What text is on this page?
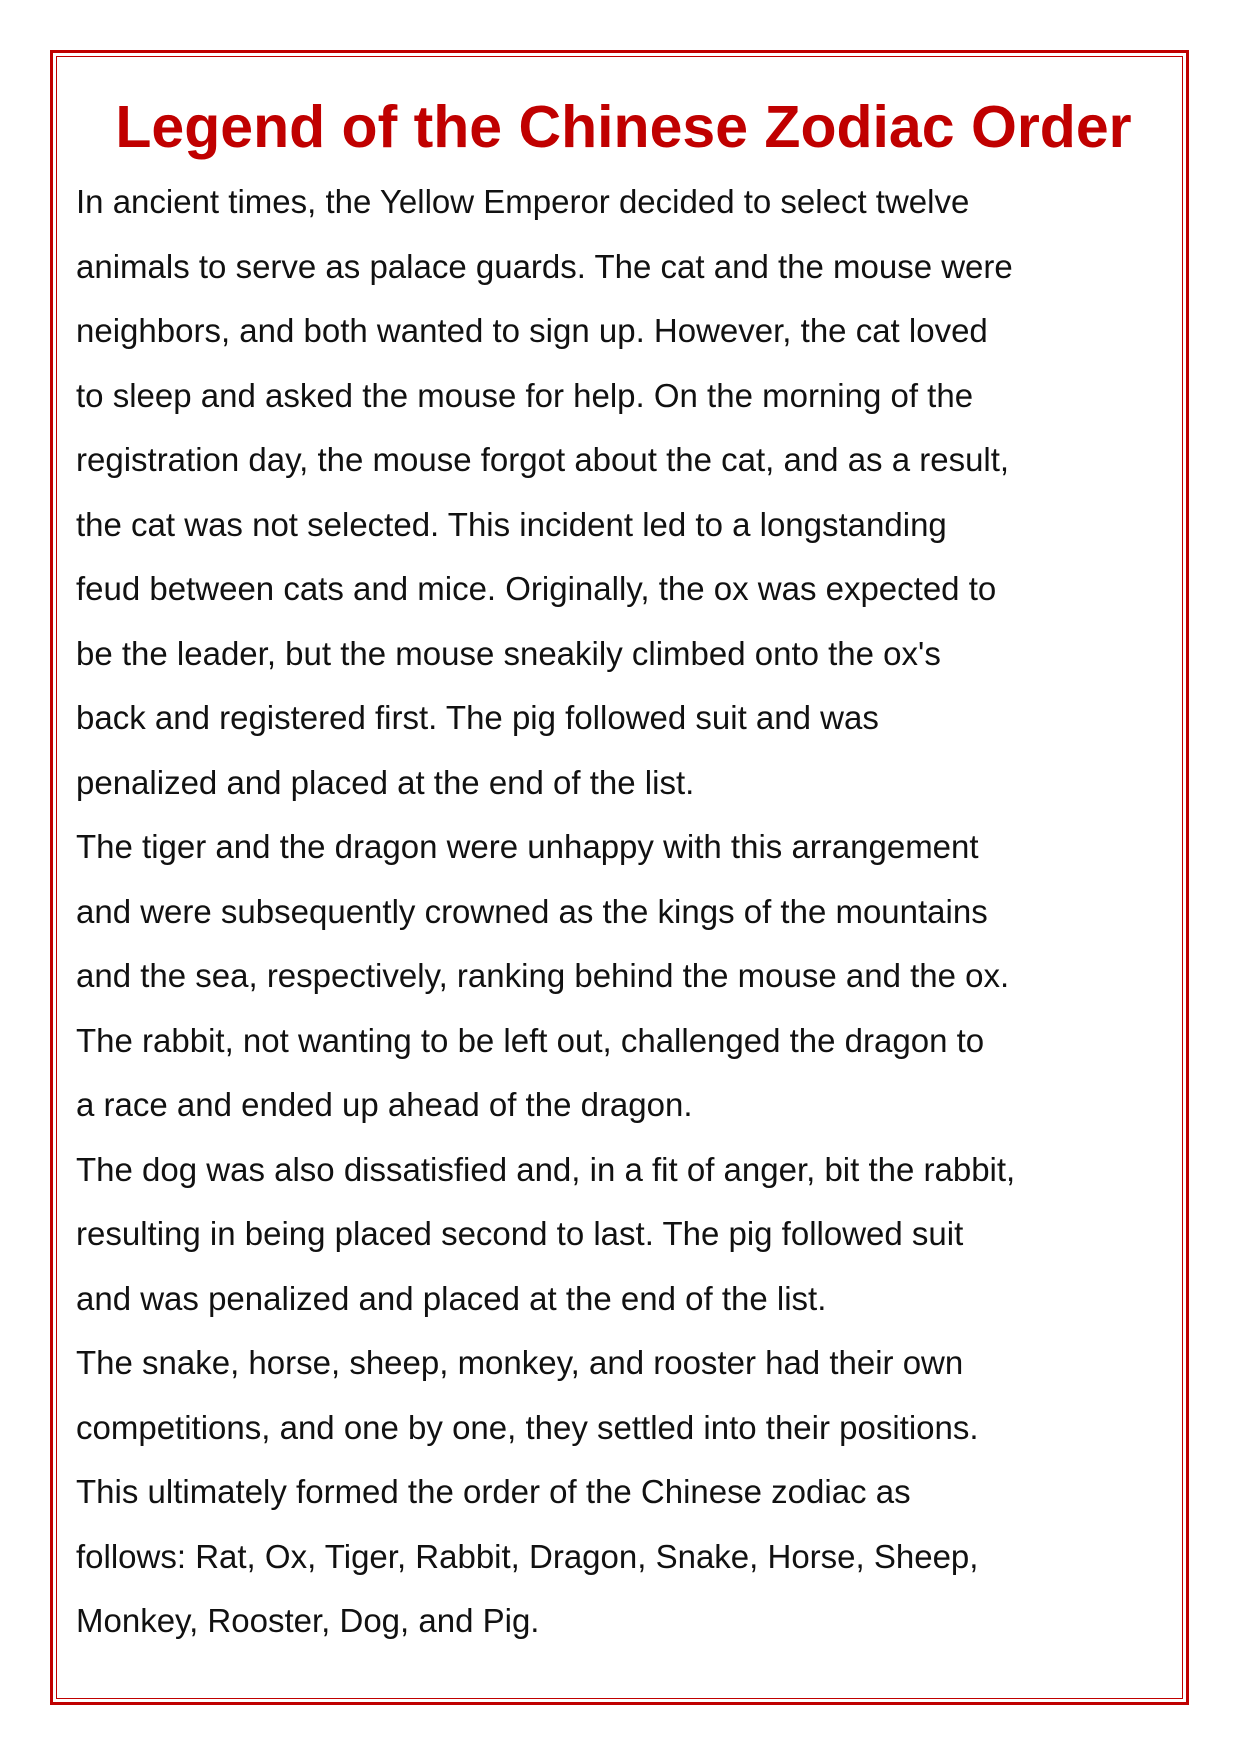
Legend of the Chinese Zodiac Order
In ancient times, the Yellow Emperor decided to select twelve
animals to serve as palace guards. The cat and the mouse were
neighbors, and both wanted to sign up. However, the cat loved
to sleep and asked the mouse for help. On the morning of the
registration day, the mouse forgot about the cat, and as a result,
the cat was not selected. This incident led to a longstanding
feud between cats and mice. Originally, the ox was expected to
be the leader, but the mouse sneakily climbed onto the ox's
back and registered first. The pig followed suit and was
penalized and placed at the end of the list.
The tiger and the dragon were unhappy with this arrangement
and were subsequently crowned as the kings of the mountains
and the sea, respectively, ranking behind the mouse and the ox.
The rabbit, not wanting to be left out, challenged the dragon to
a race and ended up ahead of the dragon.
The dog was also dissatisfied and, in a fit of anger, bit the rabbit,
resulting in being placed second to last. The pig followed suit
and was penalized and placed at the end of the list.
The snake, horse, sheep, monkey, and rooster had their own
competitions, and one by one, they settled into their positions.
This ultimately formed the order of the Chinese zodiac as
follows: Rat, Ox, Tiger, Rabbit, Dragon, Snake, Horse, Sheep,
Monkey, Rooster, Dog, and Pig.
